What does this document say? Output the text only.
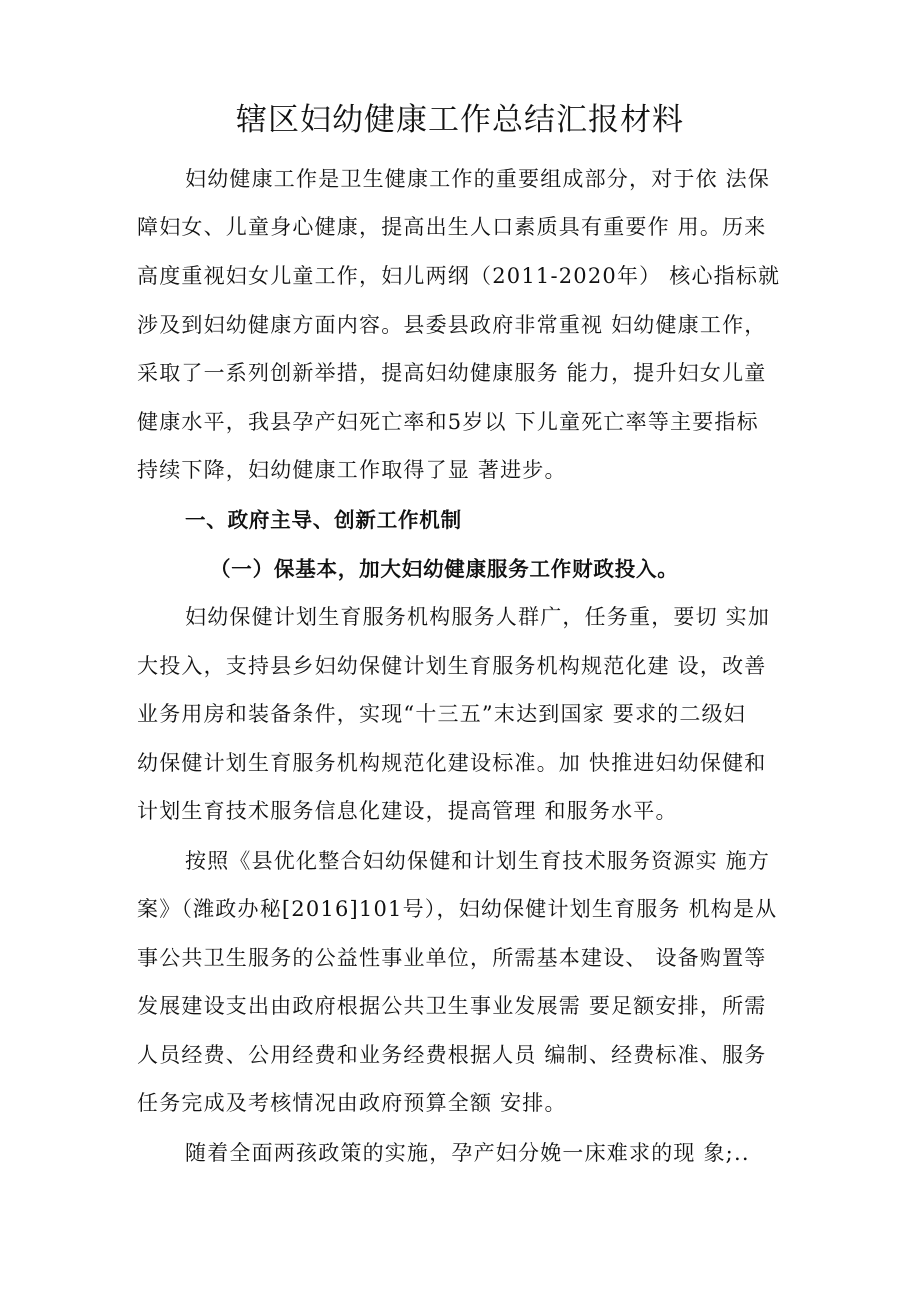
辖区妇幼健康工作总结汇报材料
妇幼健康工作是卫生健康工作的重要组成部分，对于依 法保
障妇女、儿童身心健康，提高出生人口素质具有重要作 用。历来
高度重视妇女儿童工作，妇儿两纲（2011-2020年） 核心指标就
涉及到妇幼健康方面内容。县委县政府非常重视 妇幼健康工作，
采取了一系列创新举措，提高妇幼健康服务 能力，提升妇女儿童
健康水平，我县孕产妇死亡率和5岁以 下儿童死亡率等主要指标
持续下降，妇幼健康工作取得了显 著进步。
一、政府主导、创新工作机制
（一）保基本，加大妇幼健康服务工作财政投入。
妇幼保健计划生育服务机构服务人群广，任务重，要切 实加
大投入，支持县乡妇幼保健计划生育服务机构规范化建 设，改善
业务用房和装备条件，实现“十三五”末达到国家 要求的二级妇
幼保健计划生育服务机构规范化建设标准。加 快推进妇幼保健和
计划生育技术服务信息化建设，提高管理 和服务水平。
按照《县优化整合妇幼保健和计划生育技术服务资源实 施方
案》（潍政办秘[2016]101号），妇幼保健计划生育服务 机构是从
事公共卫生服务的公益性事业单位，所需基本建设、 设备购置等
发展建设支出由政府根据公共卫生事业发展需 要足额安排，所需
人员经费、公用经费和业务经费根据人员 编制、经费标准、服务
任务完成及考核情况由政府预算全额 安排。
随着全面两孩政策的实施，孕产妇分娩一床难求的现 象;..
